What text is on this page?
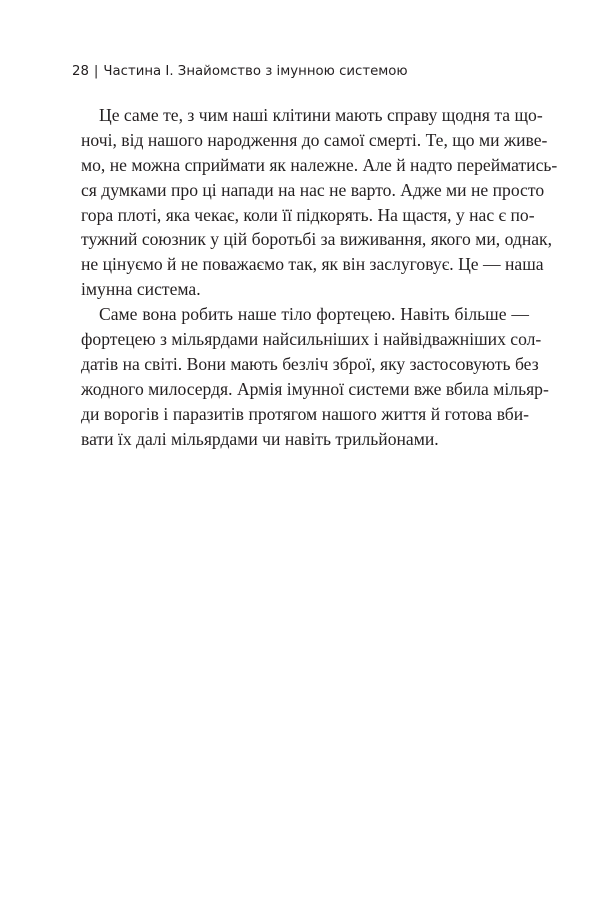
28 | Частина І. Знайомство з імунною системою
Це саме те, з чим наші клітини мають справу щодня та що-
ночі, від нашого народження до самої смерті. Те, що ми живе-
мо, не можна сприймати як належне. Але й надто перейматись-
ся думками про ці напади на нас не варто. Адже ми не просто
гора плоті, яка чекає, коли її підкорять. На щастя, у нас є по-
тужний союзник у цій боротьбі за виживання, якого ми, однак,
не цінуємо й не поважаємо так, як він заслуговує. Це — наша
імунна система.
Саме вона робить наше тіло фортецею. Навіть більше —
фортецею з мільярдами найсильніших і найвідважніших сол-
датів на світі. Вони мають безліч зброї, яку застосовують без
жодного милосердя. Армія імунної системи вже вбила мільяр-
ди ворогів і паразитів протягом нашого життя й готова вби-
вати їх далі мільярдами чи навіть трильйонами.
